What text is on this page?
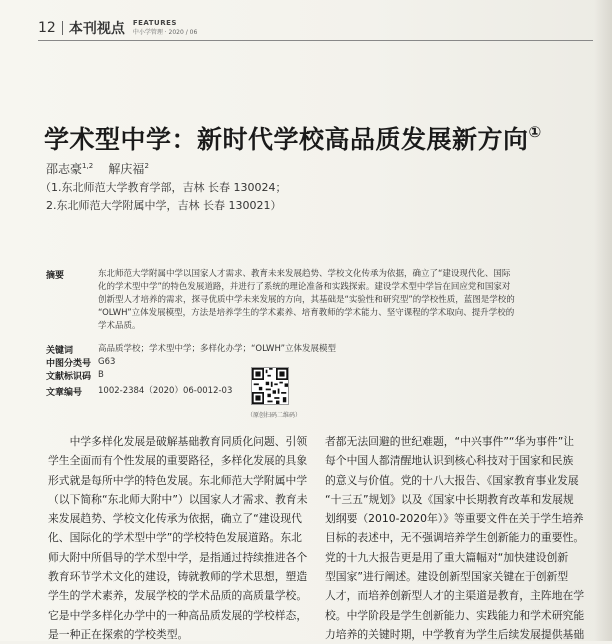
12 本刊视点 FEATURES
中小学管理 · 2020 / 06
学术型中学：新时代学校高品质发展新方向①
邵志豪$^{1,2}$ 解庆福$^2$
（1.东北师范大学教育学部，吉林 长春 130024；
2.东北师范大学附属中学，吉林 长春 130021）
摘要	东北师范大学附属中学以国家人才需求、教育未来发展趋势、学校文化传承为依据，确立了“建设现代化、国际
化的学术型中学”的特色发展道路，并进行了系统的理论准备和实践探索。建设学术型中学旨在回应党和国家对
创新型人才培养的需求，探寻优质中学未来发展的方向，其基础是“实验性和研究型”的学校性质，蓝图是学校的
“OLWH”立体发展模型，方法是培养学生的学术素养、培育教师的学术能力、坚守课程的学术取向、提升学校的
学术品质。
关键词	高品质学校；学术型中学；多样化办学；“OLWH”立体发展模型
中图分类号 G63
文献标识码 B
文章编号 1002-2384（2020）06-0012-03
（原创扫码二维码）
　　中学多样化发展是破解基础教育同质化问题、引领
学生全面而有个性发展的重要路径，多样化发展的具象
形式就是每所中学的特色发展。东北师范大学附属中学
（以下简称“东北师大附中”）以国家人才需求、教育未
来发展趋势、学校文化传承为依据，确立了“建设现代
化、国际化的学术型中学”的学校特色发展道路。东北
师大附中所倡导的学术型中学，是指通过持续推进各个
教育环节学术文化的建设，铸就教师的学术思想，塑造
学生的学术素养，发展学校的学术品质的高质量学校。
它是中学多样化办学中的一种高品质发展的学校样态，
是一种正在探索的学校类型。
者都无法回避的世纪难题，“中兴事件”“华为事件”让
每个中国人都清醒地认识到核心科技对于国家和民族
的意义与价值。党的十八大报告、《国家教育事业发展
“十三五”规划》以及《国家中长期教育改革和发展规
划纲要（2010-2020年）》等重要文件在关于学生培养
目标的表述中，无不强调培养学生创新能力的重要性。
党的十九大报告更是用了重大篇幅对“加快建设创新
型国家”进行阐述。建设创新型国家关键在于创新型
人才，而培养创新型人才的主渠道是教育，主阵地在学
校。中学阶段是学生创新能力、实践能力和学术研究能
力培养的关键时期，中学教育为学生后续发展提供基础
